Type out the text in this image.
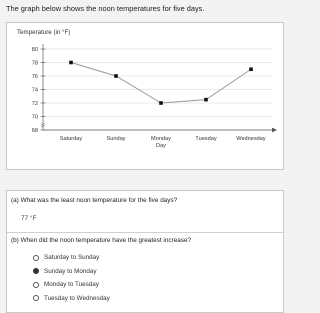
The graph below shows the noon temperatures for five days.
Temperature (in °F)
68
70
72
74
76
78
80
Saturday	Sunday	Monday	Tuesday	Wednesday
Day
(a) What was the least noon temperature for the five days?
77 °F
(b) When did the noon temperature have the greatest increase?
Saturday to Sunday
Sunday to Monday
Monday to Tuesday
Tuesday to Wednesday
